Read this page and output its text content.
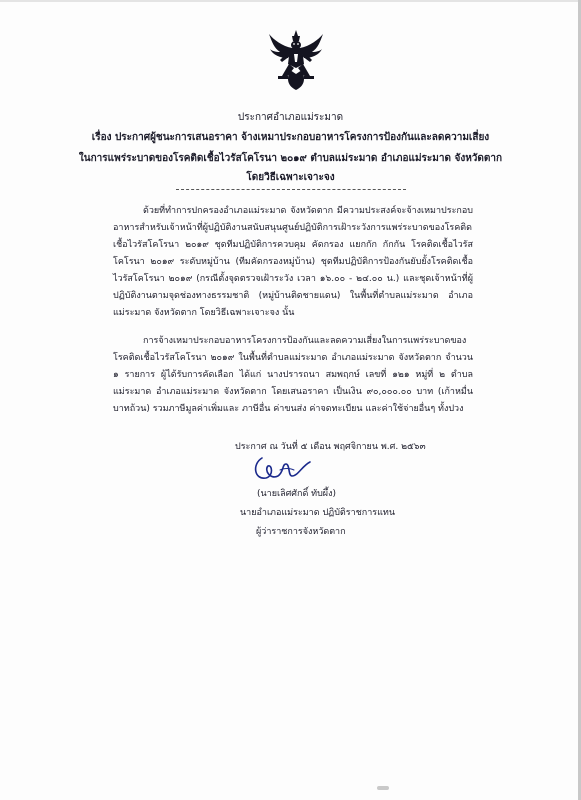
ประกาศอำเภอแม่ระมาด
เรื่อง ประกาศผู้ชนะการเสนอราคา จ้างเหมาประกอบอาหารโครงการป้องกันและลดความเสี่ยง
ในการแพร่ระบาดของโรคติดเชื้อไวรัสโคโรนา ๒๐๑๙ ตำบลแม่ระมาด อำเภอแม่ระมาด จังหวัดตาก
โดยวิธีเฉพาะเจาะจง

ด้วยที่ทำการปกครองอำเภอแม่ระมาด จังหวัดตาก มีความประสงค์จะจ้างเหมาประกอบอาหารสำหรับเจ้าหน้าที่ผู้ปฏิบัติงานสนับสนุนศูนย์ปฏิบัติการเฝ้าระวังการแพร่ระบาดของโรคติดเชื้อไวรัสโคโรนา ๒๐๑๙ ชุดทีมปฏิบัติการควบคุม คัดกรอง แยกกัก กักกัน โรคติดเชื้อไวรัสโคโรนา ๒๐๑๙ ระดับหมู่บ้าน (ทีมคัดกรองหมู่บ้าน) ชุดทีมปฏิบัติการป้องกันยับยั้งโรคติดเชื้อไวรัสโคโรนา ๒๐๑๙ (กรณีตั้งจุดตรวจเฝ้าระวัง เวลา ๑๖.๐๐ - ๒๔.๐๐ น.) และชุดเจ้าหน้าที่ผู้ปฏิบัติงานตามจุดช่องทางธรรมชาติ (หมู่บ้านติดชายแดน) ในพื้นที่ตำบลแม่ระมาด อำเภอแม่ระมาด จังหวัดตาก โดยวิธีเฉพาะเจาะจง นั้น

การจ้างเหมาประกอบอาหารโครงการป้องกันและลดความเสี่ยงในการแพร่ระบาดของโรคติดเชื้อไวรัสโคโรนา ๒๐๑๙ ในพื้นที่ตำบลแม่ระมาด อำเภอแม่ระมาด จังหวัดตาก จำนวน ๑ รายการ ผู้ได้รับการคัดเลือก ได้แก่ นางปรารถนา สมพฤกษ์ เลขที่ ๑๒๑ หมู่ที่ ๒ ตำบลแม่ระมาด อำเภอแม่ระมาด จังหวัดตาก โดยเสนอราคา เป็นเงิน ๙๐,๐๐๐.๐๐ บาท (เก้าหมื่นบาทถ้วน) รวมภาษีมูลค่าเพิ่มและ ภาษีอื่น ค่าขนส่ง ค่าจดทะเบียน และค่าใช้จ่ายอื่นๆ ทั้งปวง

ประกาศ ณ วันที่ ๕ เดือน พฤศจิกายน พ.ศ. ๒๕๖๓
(นายเลิศศักดิ์ ทับผึ้ง)
นายอำเภอแม่ระมาด ปฏิบัติราชการแทน
ผู้ว่าราชการจังหวัดตาก
